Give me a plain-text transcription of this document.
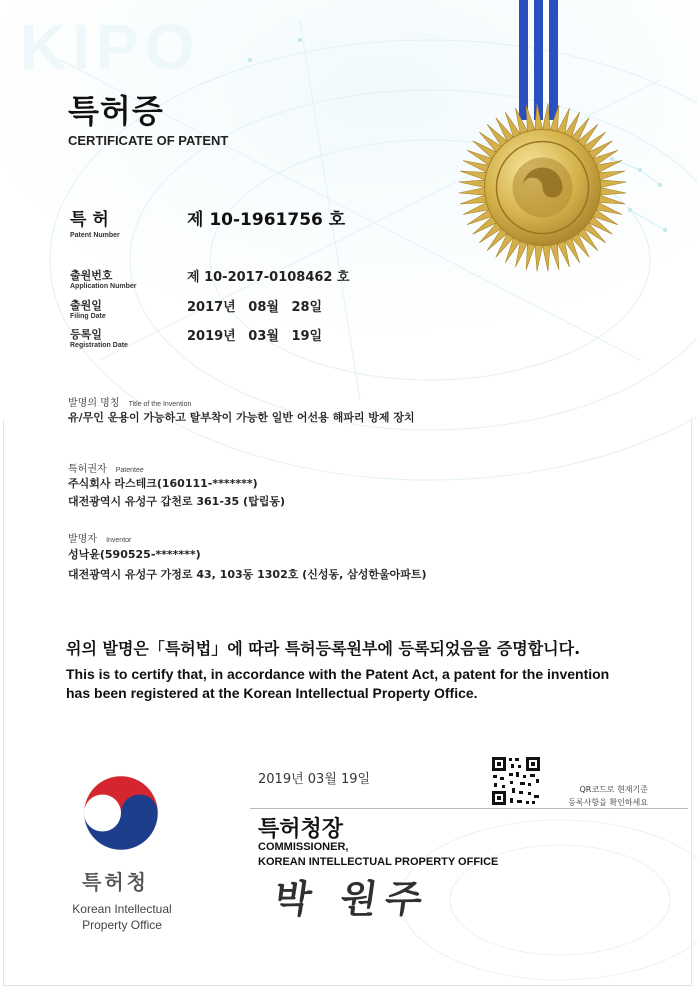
KIPO
특허증
CERTIFICATE OF PATENT
특 허
Patent Number
제 10-1961756 호
출원번호
Application Number
제 10-2017-0108462 호
출원일
Filing Date
2017년 08월 28일
등록일
Registration Date
2019년 03월 19일
발명의 명칭 Title of the Invention
유/무인 운용이 가능하고 탈부착이 가능한 일반 어선용 해파리 방제 장치
특허권자 Patentee
주식회사 라스테크(160111-*******)
대전광역시 유성구 갑천로 361-35 (탑립동)
발명자 Inventor
성낙윤(590525-*******)
대전광역시 유성구 가정로 43, 103동 1302호 (신성동, 삼성한울아파트)
위의 발명은「특허법」에 따라 특허등록원부에 등록되었음을 증명합니다.
This is to certify that, in accordance with the Patent Act, a patent for the invention
has been registered at the Korean Intellectual Property Office.
2019년 03월 19일
QR코드로 현재기준
등록사항을 확인하세요
특허청장
COMMISSIONER,
KOREAN INTELLECTUAL PROPERTY OFFICE
박 원주
특허청
Korean Intellectual
Property Office
